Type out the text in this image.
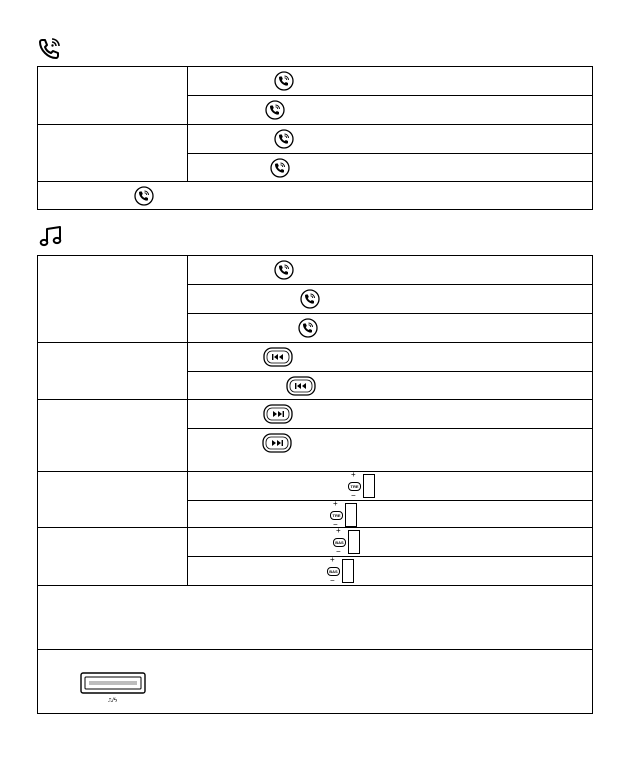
+
TRE
−
+
TRE
−
+
BAS
−
+
BAS
−
⎍/ϟ
